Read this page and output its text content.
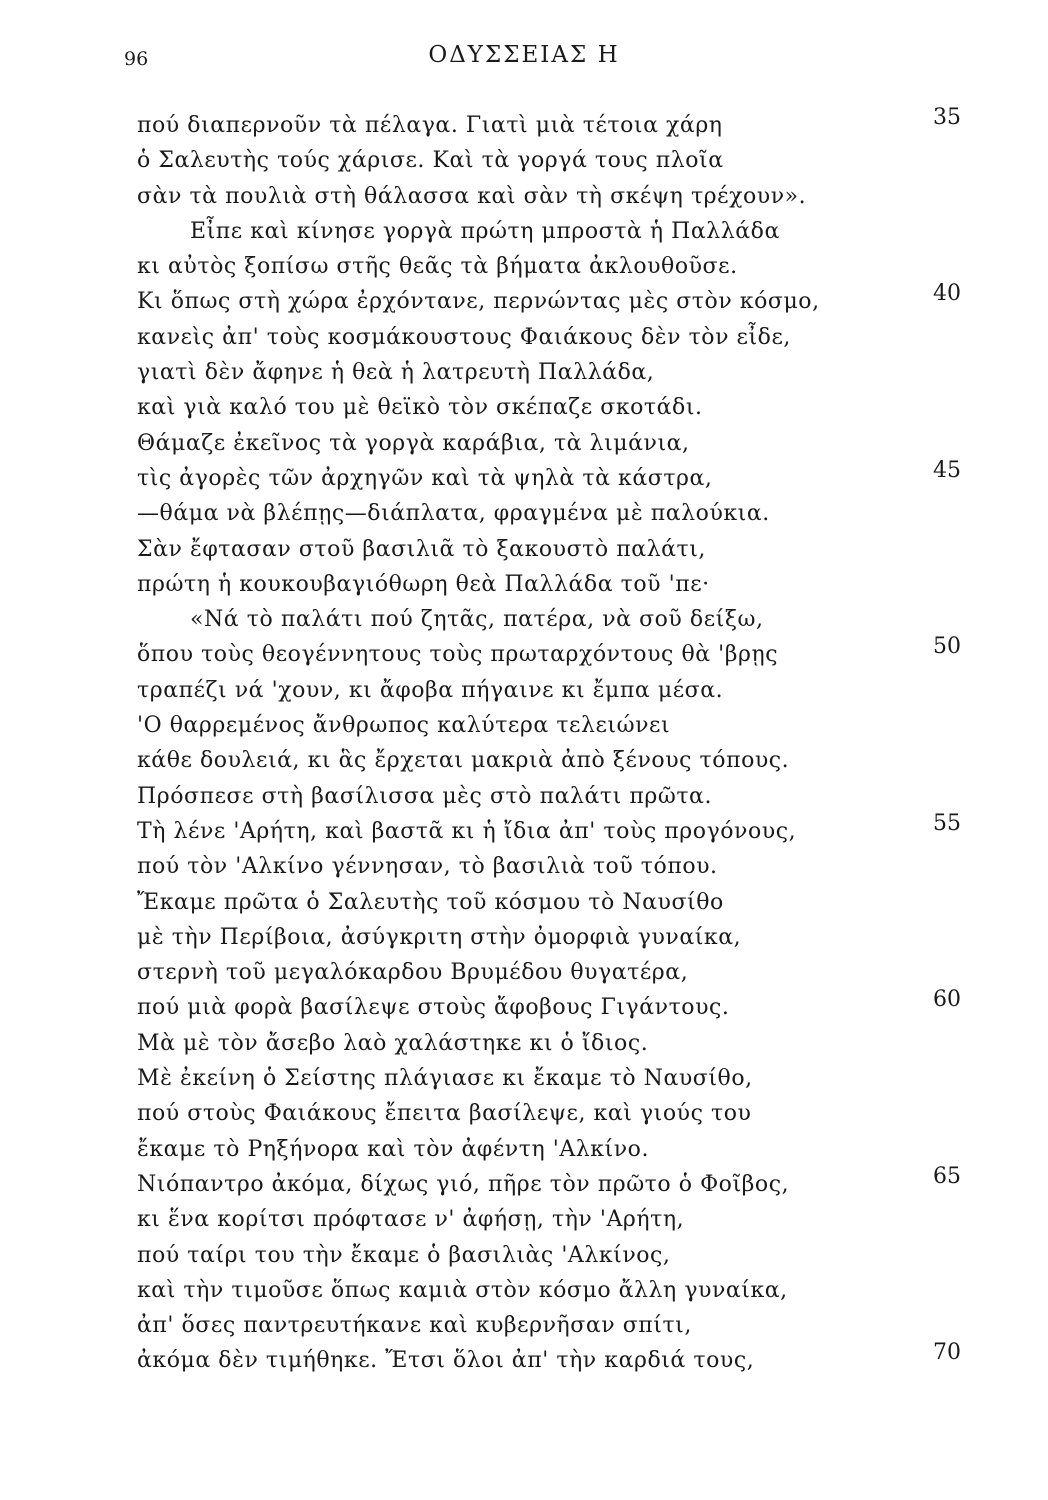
96	ΟΔΥΣΣΕΙΑΣ Η
πού διαπερνοῦν τὰ πέλαγα. Γιατὶ μιὰ τέτοια χάρη	35
ὁ Σαλευτὴς τούς χάρισε. Καὶ τὰ γοργά τους πλοῖα
σὰν τὰ πουλιὰ στὴ θάλασσα καὶ σὰν τὴ σκέψη τρέχουν».
Εἶπε καὶ κίνησε γοργὰ πρώτη μπροστὰ ἡ Παλλάδα
κι αὐτὸς ξοπίσω στῆς θεᾶς τὰ βήματα ἀκλουθοῦσε.
Κι ὅπως στὴ χώρα ἐρχόντανε, περνώντας μὲς στὸν κόσμο,	40
κανεὶς ἀπ' τοὺς κοσμάκουστους Φαιάκους δὲν τὸν εἶδε,
γιατὶ δὲν ἄφηνε ἡ θεὰ ἡ λατρευτὴ Παλλάδα,
καὶ γιὰ καλό του μὲ θεϊκὸ τὸν σκέπαζε σκοτάδι.
Θάμαζε ἐκεῖνος τὰ γοργὰ καράβια, τὰ λιμάνια,
τὶς ἀγορὲς τῶν ἀρχηγῶν καὶ τὰ ψηλὰ τὰ κάστρα,	45
—θάμα νὰ βλέπῃς—διάπλατα, φραγμένα μὲ παλούκια.
Σὰν ἔφτασαν στοῦ βασιλιᾶ τὸ ξακουστὸ παλάτι,
πρώτη ἡ κουκουβαγιόθωρη θεὰ Παλλάδα τοῦ 'πε·
«Νά τὸ παλάτι πού ζητᾶς, πατέρα, νὰ σοῦ δείξω,
ὅπου τοὺς θεογέννητους τοὺς πρωταρχόντους θὰ 'βρῃς	50
τραπέζι νά 'χουν, κι ἄφοβα πήγαινε κι ἔμπα μέσα.
'Ο θαρρεμένος ἄνθρωπος καλύτερα τελειώνει
κάθε δουλειά, κι ἃς ἔρχεται μακριὰ ἀπὸ ξένους τόπους.
Πρόσπεσε στὴ βασίλισσα μὲς στὸ παλάτι πρῶτα.
Τὴ λένε 'Αρήτη, καὶ βαστᾶ κι ἡ ἴδια ἀπ' τοὺς προγόνους,	55
πού τὸν 'Αλκίνο γέννησαν, τὸ βασιλιὰ τοῦ τόπου.
Ἔκαμε πρῶτα ὁ Σαλευτὴς τοῦ κόσμου τὸ Ναυσίθο
μὲ τὴν Περίβοια, ἀσύγκριτη στὴν ὀμορφιὰ γυναίκα,
στερνὴ τοῦ μεγαλόκαρδου Βρυμέδου θυγατέρα,
πού μιὰ φορὰ βασίλεψε στοὺς ἄφοβους Γιγάντους.	60
Μὰ μὲ τὸν ἄσεβο λαὸ χαλάστηκε κι ὁ ἴδιος.
Μὲ ἐκείνη ὁ Σείστης πλάγιασε κι ἔκαμε τὸ Ναυσίθο,
πού στοὺς Φαιάκους ἔπειτα βασίλεψε, καὶ γιούς του
ἔκαμε τὸ Ρηξήνορα καὶ τὸν ἀφέντη 'Αλκίνο.
Νιόπαντρο ἀκόμα, δίχως γιό, πῆρε τὸν πρῶτο ὁ Φοῖβος,	65
κι ἕνα κορίτσι πρόφτασε ν' ἀφήσῃ, τὴν 'Αρήτη,
πού ταίρι του τὴν ἔκαμε ὁ βασιλιὰς 'Αλκίνος,
καὶ τὴν τιμοῦσε ὅπως καμιὰ στὸν κόσμο ἄλλη γυναίκα,
ἀπ' ὅσες παντρευτήκανε καὶ κυβερνῆσαν σπίτι,
ἀκόμα δὲν τιμήθηκε. Ἔτσι ὅλοι ἀπ' τὴν καρδιά τους,	70
